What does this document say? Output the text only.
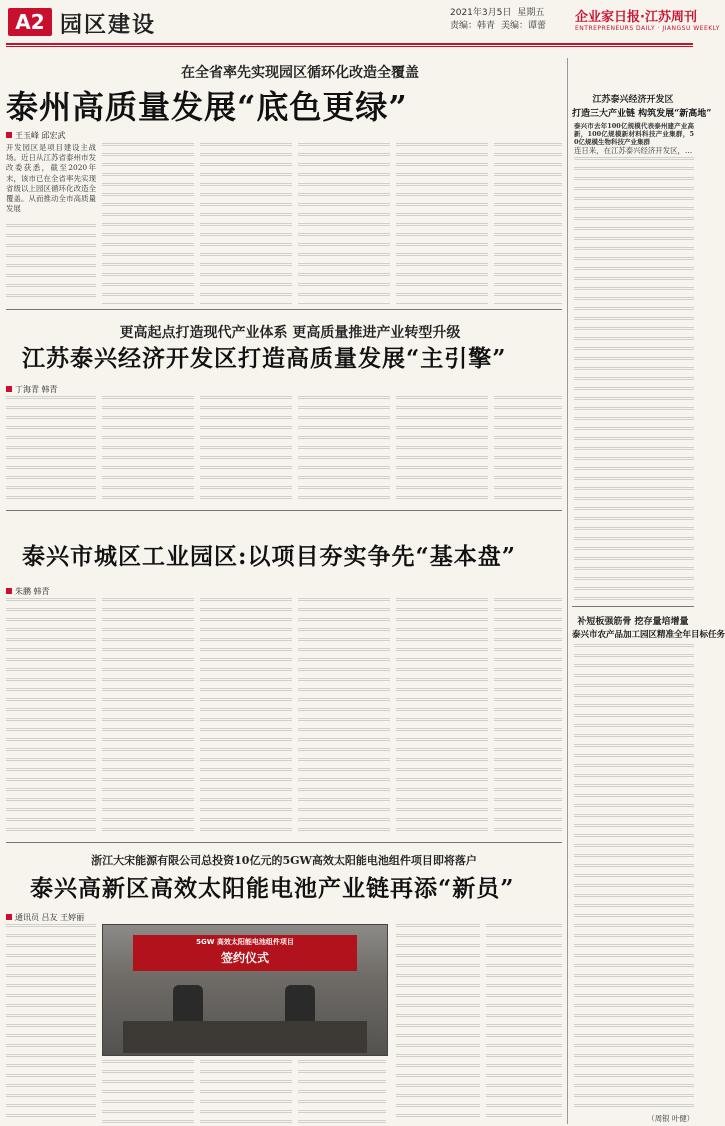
A2 园区建设	2021年3月5日 星期五
责编：韩青 美编：谭蕾
企业家日报·江苏周刊
ENTREPRENEURS DAILY · JIANGSU WEEKLY
在全省率先实现园区循环化改造全覆盖
泰州高质量发展“底色更绿”
王玉峰 邱宏武
开发园区是项目建设主战场。近日从江苏省泰州市发改委获悉，截至2020年末，该市已在全省率先实现省级以上园区循环化改造全覆盖。从而推动全市高质量发展
江苏泰兴经济开发区
打造三大产业链 构筑发展“新高地”
泰兴市去年100亿规模代表泰州建产业高新，100亿规模新材料科技产业集群，50亿规模生物科技产业集群
连日来，在江苏泰兴经济开发区，…
更高起点打造现代产业体系 更高质量推进产业转型升级
江苏泰兴经济开发区打造高质量发展“主引擎”
丁海青 韩青
泰兴市城区工业园区:以项目夯实争先“基本盘”
朱鹏 韩青
补短板强筋骨 挖存量培增量
泰兴市农产品加工园区精准全年目标任务
（周银 叶健）
浙江大宋能源有限公司总投资10亿元的5GW高效太阳能电池组件项目即将落户
泰兴高新区高效太阳能电池产业链再添“新员”
通讯员 吕友 王婷丽
5GW 高效太阳能电池组件项目
签约仪式
